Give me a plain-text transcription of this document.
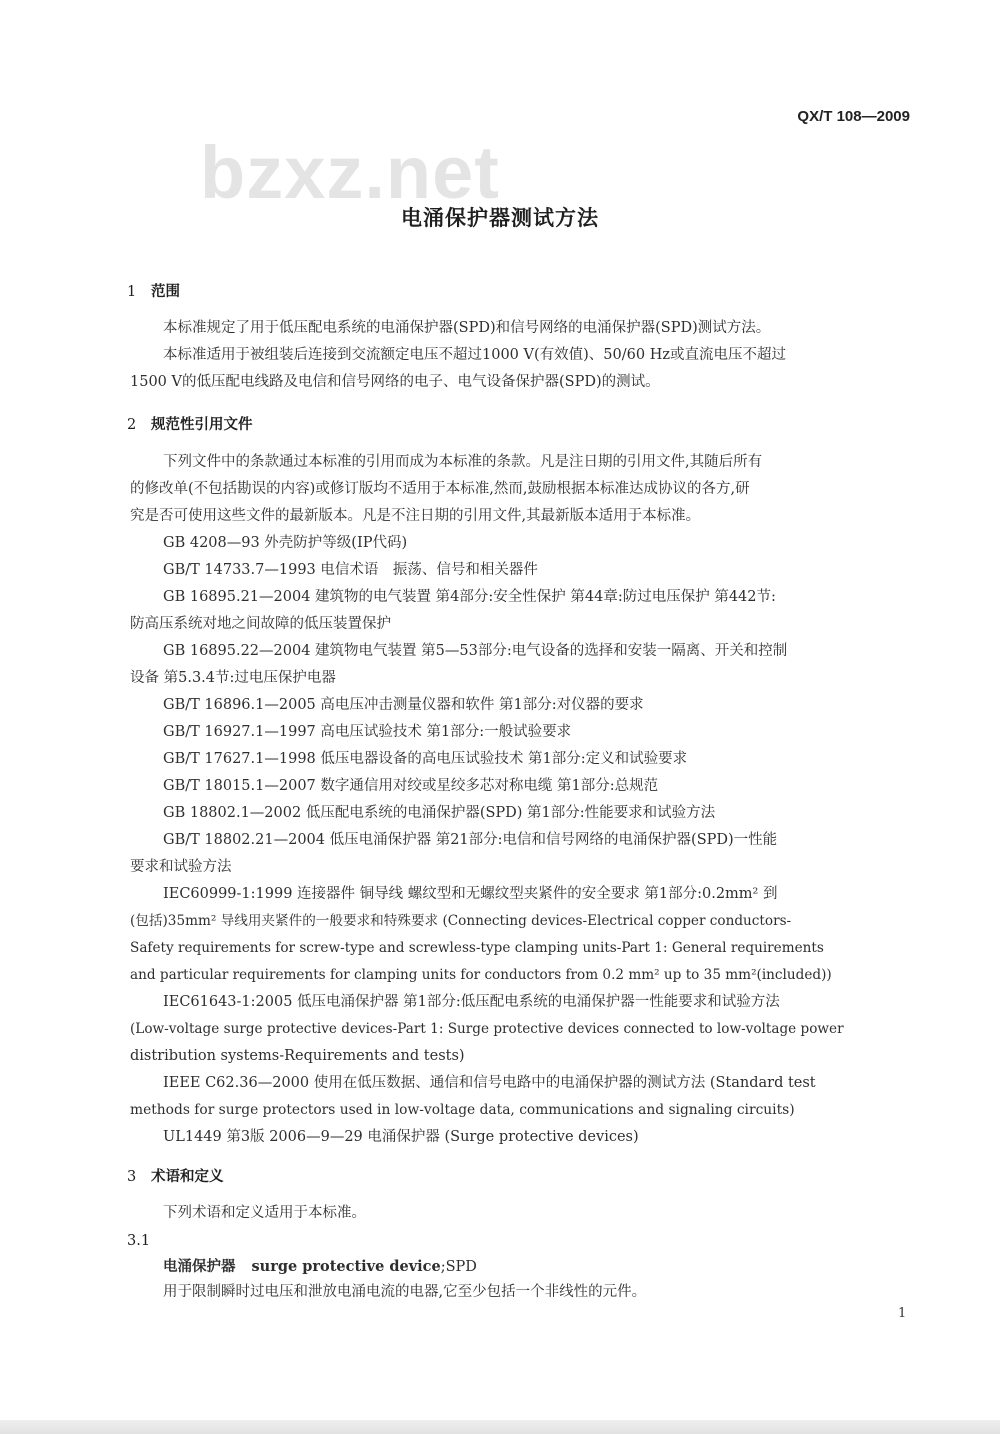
QX/T 108—2009
bzxz.net
电涌保护器测试方法
1 范围
本标准规定了用于低压配电系统的电涌保护器(SPD)和信号网络的电涌保护器(SPD)测试方法。
本标准适用于被组装后连接到交流额定电压不超过1000 V(有效值)、50/60 Hz或直流电压不超过
1500 V的低压配电线路及电信和信号网络的电子、电气设备保护器(SPD)的测试。
2 规范性引用文件
下列文件中的条款通过本标准的引用而成为本标准的条款。凡是注日期的引用文件,其随后所有
的修改单(不包括勘误的内容)或修订版均不适用于本标准,然而,鼓励根据本标准达成协议的各方,研
究是否可使用这些文件的最新版本。凡是不注日期的引用文件,其最新版本适用于本标准。
GB 4208—93 外壳防护等级(IP代码)
GB/T 14733.7—1993 电信术语　振荡、信号和相关器件
GB 16895.21—2004 建筑物的电气装置 第4部分:安全性保护 第44章:防过电压保护 第442节:
防高压系统对地之间故障的低压装置保护
GB 16895.22—2004 建筑物电气装置 第5—53部分:电气设备的选择和安装一隔离、开关和控制
设备 第5.3.4节:过电压保护电器
GB/T 16896.1—2005 高电压冲击测量仪器和软件 第1部分:对仪器的要求
GB/T 16927.1—1997 高电压试验技术 第1部分:一般试验要求
GB/T 17627.1—1998 低压电器设备的高电压试验技术 第1部分:定义和试验要求
GB/T 18015.1—2007 数字通信用对绞或星绞多芯对称电缆 第1部分:总规范
GB 18802.1—2002 低压配电系统的电涌保护器(SPD) 第1部分:性能要求和试验方法
GB/T 18802.21—2004 低压电涌保护器 第21部分:电信和信号网络的电涌保护器(SPD)一性能
要求和试验方法
IEC60999-1:1999 连接器件 铜导线 螺纹型和无螺纹型夹紧件的安全要求 第1部分:0.2mm² 到
(包括)35mm² 导线用夹紧件的一般要求和特殊要求 (Connecting devices-Electrical copper conductors-
Safety requirements for screw-type and screwless-type clamping units-Part 1: General requirements
and particular requirements for clamping units for conductors from 0.2 mm² up to 35 mm²(included))
IEC61643-1:2005 低压电涌保护器 第1部分:低压配电系统的电涌保护器一性能要求和试验方法
(Low-voltage surge protective devices-Part 1: Surge protective devices connected to low-voltage power
distribution systems-Requirements and tests)
IEEE C62.36—2000 使用在低压数据、通信和信号电路中的电涌保护器的测试方法 (Standard test
methods for surge protectors used in low-voltage data, communications and signaling circuits)
UL1449 第3版 2006—9—29 电涌保护器 (Surge protective devices)
3 术语和定义
下列术语和定义适用于本标准。
3.1
电涌保护器 surge protective device;SPD
用于限制瞬时过电压和泄放电涌电流的电器,它至少包括一个非线性的元件。
1
